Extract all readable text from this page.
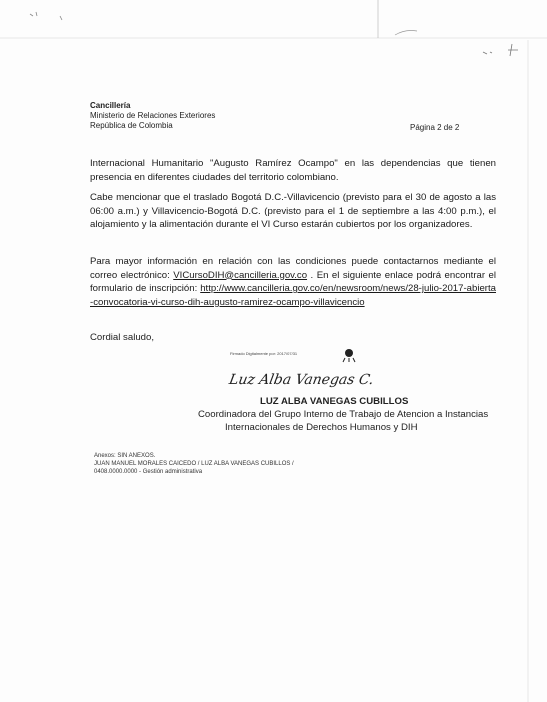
Cancillería
Ministerio de Relaciones Exteriores
República de Colombia	Página 2 de 2
Internacional Humanitario "Augusto Ramírez Ocampo" en las dependencias que tienen presencia en diferentes ciudades del territorio colombiano.
Cabe mencionar que el traslado Bogotá D.C.-Villavicencio (previsto para el 30 de agosto a las 06:00 a.m.) y Villavicencio-Bogotá D.C. (previsto para el 1 de septiembre a las 4:00 p.m.), el alojamiento y la alimentación durante el VI Curso estarán cubiertos por los organizadores.
Para mayor información en relación con las condiciones puede contactarnos mediante el correo electrónico: VICursoDIH@cancilleria.gov.co . En el siguiente enlace podrá encontrar el formulario de inscripción: http://www.cancilleria.gov.co/en/newsroom/news/28-julio-2017-abierta-convocatoria-vi-curso-dih-augusto-ramirez-ocampo-villavicencio
Cordial saludo,
Firmado Digitalmente por: 2017/07/31
Luz Alba Vanegas C.
LUZ ALBA VANEGAS CUBILLOS
Coordinadora del Grupo Interno de Trabajo de Atencion a Instancias
Internacionales de Derechos Humanos y DIH
Anexos: SIN ANEXOS.
JUAN MANUEL MORALES CAICEDO / LUZ ALBA VANEGAS CUBILLOS /
0408.0000.0000 - Gestión administrativa
